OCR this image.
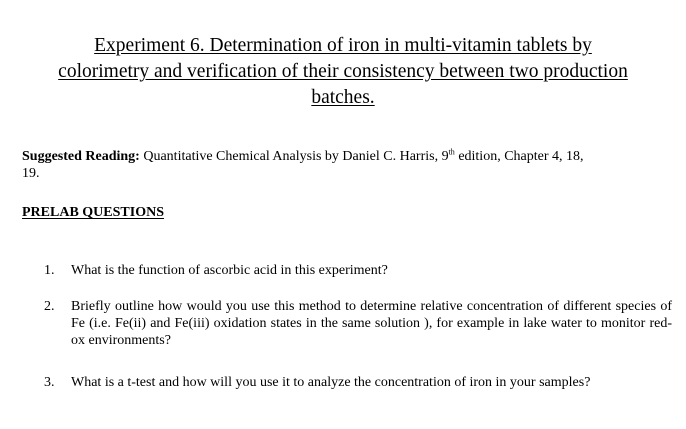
Experiment 6. Determination of iron in multi-vitamin tablets by
colorimetry and verification of their consistency between two production
batches.
Suggested Reading: Quantitative Chemical Analysis by Daniel C. Harris, 9th edition, Chapter 4, 18,
19.
PRELAB QUESTIONS
1. What is the function of ascorbic acid in this experiment?
2. Briefly outline how would you use this method to determine relative concentration of different species of Fe (i.e. Fe(ii) and Fe(iii) oxidation states in the same solution ), for example in lake water to monitor red-ox environments?
3. What is a t-test and how will you use it to analyze the concentration of iron in your samples?
